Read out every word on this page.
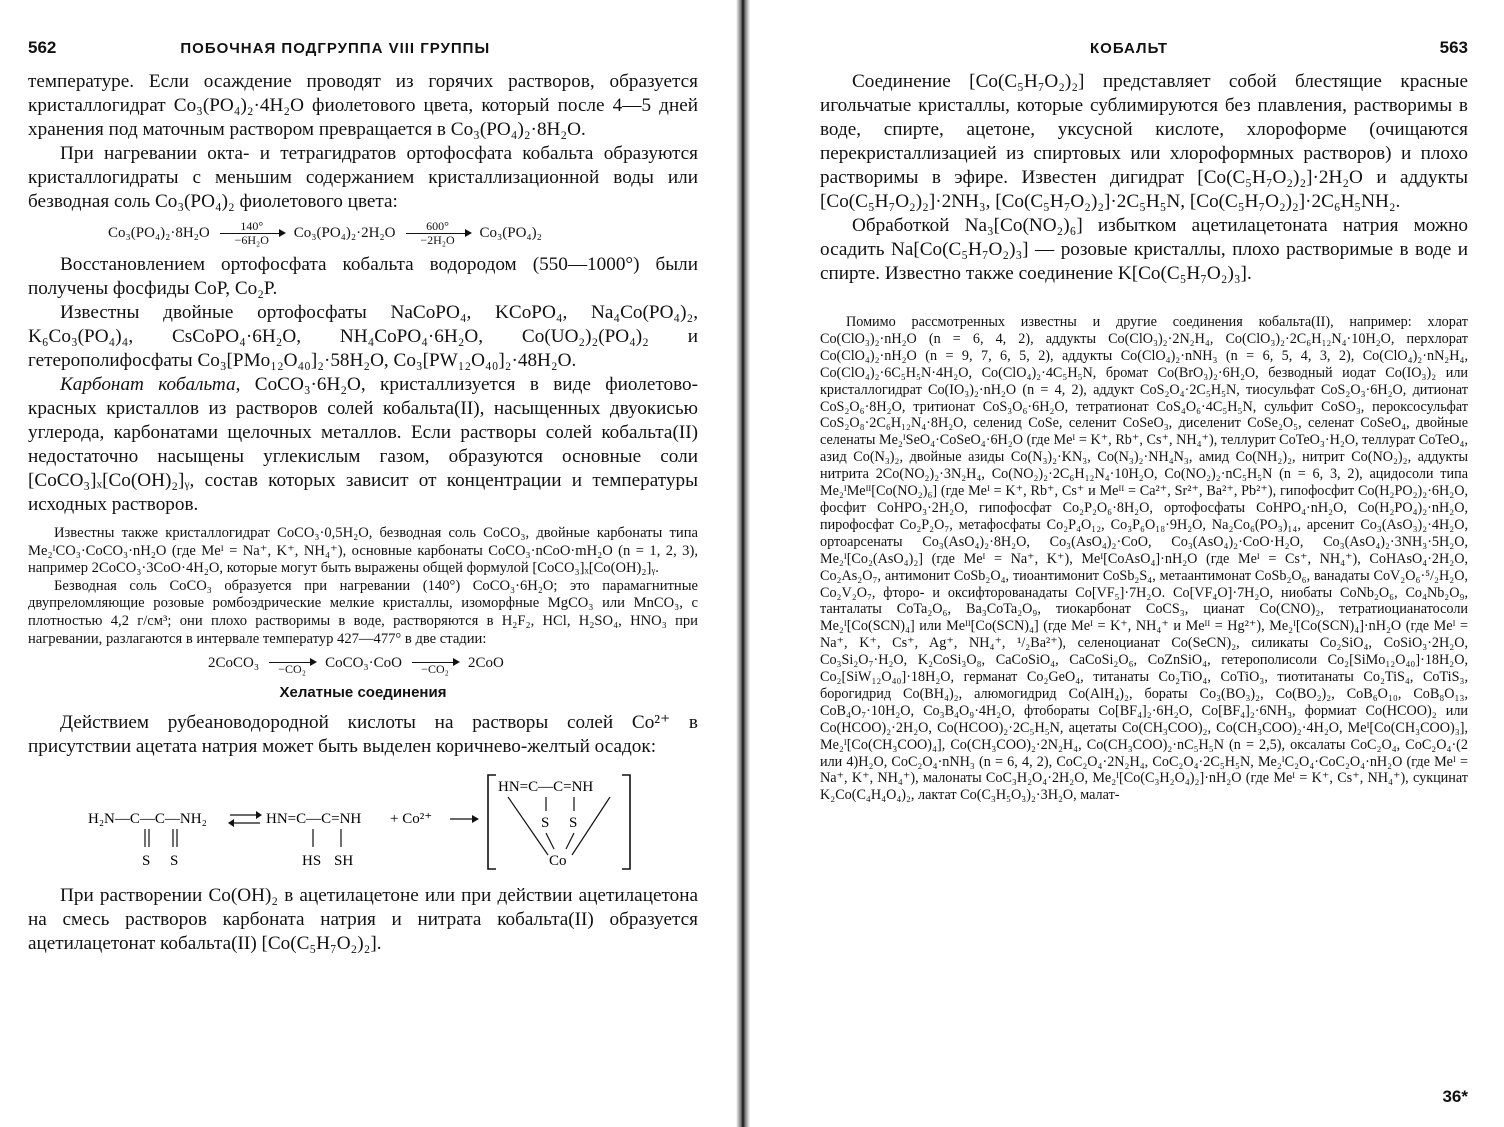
562	ПОБОЧНАЯ ПОДГРУППА VIII ГРУППЫ

температуре. Если осаждение проводят из горячих растворов, образуется кристаллогидрат Co₃(PO₄)₂·4H₂O фиолетового цвета, который после 4—5 дней хранения под маточным раствором превращается в Co₃(PO₄)₂·8H₂O.

При нагревании окта- и тетрагидратов ортофосфата кобальта образуются кристаллогидраты с меньшим содержанием кристаллизационной воды или безводная соль Co₃(PO₄)₂ фиолетового цвета:

Co₃(PO₄)₂·8H₂O	140°
−6H₂O Co₃(PO₄)₂·2H₂O	600°
−2H₂O Co₃(PO₄)₂

Восстановлением ортофосфата кобальта водородом (550—1000°) были получены фосфиды CoP, Co₂P.

Известны двойные ортофосфаты NaCoPO₄, KCoPO₄, Na₄Co(PO₄)₂, K₆Co₃(PO₄)₄, CsCoPO₄·6H₂O, NH₄CoPO₄·6H₂O, Co(UO₂)₂(PO₄)₂ и гетерополифосфаты Co₃[PMo₁₂O₄₀]₂·58H₂O, Co₃[PW₁₂O₄₀]₂·48H₂O.

Карбонат кобальта, CoCO₃·6H₂O, кристаллизуется в виде фиолетово-красных кристаллов из растворов солей кобальта(II), насыщенных двуокисью углерода, карбонатами щелочных металлов. Если растворы солей кобальта(II) недостаточно насыщены углекислым газом, образуются основные соли [CoCO₃]ₓ[Co(OH)₂]ᵧ, состав которых зависит от концентрации и температуры исходных растворов.

Известны также кристаллогидрат CoCO₃·0,5H₂O, безводная соль CoCO₃, двойные карбонаты типа Me₂ᴵCO₃·CoCO₃·nH₂O (где Meᴵ = Na⁺, K⁺, NH₄⁺), основные карбонаты CoCO₃·nCoO·mH₂O (n = 1, 2, 3), например 2CoCO₃·3CoO·4H₂O, которые могут быть выражены общей формулой [CoCO₃]ₓ[Co(OH)₂]ᵧ.

Безводная соль CoCO₃ образуется при нагревании (140°) CoCO₃·6H₂O; это парамагнитные двупреломляющие розовые ромбоэдрические мелкие кристаллы, изоморфные MgCO₃ или MnCO₃, с плотностью 4,2 г/см³; они плохо растворимы в воде, растворяются в H₂F₂, HCl, H₂SO₄, HNO₃ при нагревании, разлагаются в интервале температур 427—477° в две стадии:

2CoCO₃ −CO₂ CoCO₃·CoO −CO₂ 2CoO
Хелатные соединения

Действием рубеановодородной кислоты на растворы солей Co²⁺ в присутствии ацетата натрия может быть выделен коричнево-желтый осадок:

H₂N—C—C—NH₂
S S
HN=C—C=NH
HS SH
+ Co²⁺
HN=C—C=NH
S S
Co

При растворении Co(OH)₂ в ацетилацетоне или при действии ацетилацетона на смесь растворов карбоната натрия и нитрата кобальта(II) образуется ацетилацетонат кобальта(II) [Co(C₅H₇O₂)₂].

КОБАЛЬТ	563

Соединение [Co(C₅H₇O₂)₂] представляет собой блестящие красные игольчатые кристаллы, которые сублимируются без плавления, растворимы в воде, спирте, ацетоне, уксусной кислоте, хлороформе (очищаются перекристаллизацией из спиртовых или хлороформных растворов) и плохо растворимы в эфире. Известен дигидрат [Co(C₅H₇O₂)₂]·2H₂O и аддукты [Co(C₅H₇O₂)₂]·2NH₃, [Co(C₅H₇O₂)₂]·2C₅H₅N, [Co(C₅H₇O₂)₂]·2C₆H₅NH₂.

Обработкой Na₃[Co(NO₂)₆] избытком ацетилацетоната натрия можно осадить Na[Co(C₅H₇O₂)₃] — розовые кристаллы, плохо растворимые в воде и спирте. Известно также соединение K[Co(C₅H₇O₂)₃].

Помимо рассмотренных известны и другие соединения кобальта(II), например: хлорат Co(ClO₃)₂·nH₂O (n = 6, 4, 2), аддукты Co(ClO₃)₂·2N₂H₄, Co(ClO₃)₂·2C₆H₁₂N₄·10H₂O, перхлорат Co(ClO₄)₂·nH₂O (n = 9, 7, 6, 5, 2), аддукты Co(ClO₄)₂·nNH₃ (n = 6, 5, 4, 3, 2), Co(ClO₄)₂·nN₂H₄, Co(ClO₄)₂·6C₅H₅N·4H₂O, Co(ClO₄)₂·4C₅H₅N, бромат Co(BrO₃)₂·6H₂O, безводный иодат Co(IO₃)₂ или кристаллогидрат Co(IO₃)₂·nH₂O (n = 4, 2), аддукт CoS₂O₄·2C₅H₅N, тиосульфат CoS₂O₃·6H₂O, дитионат CoS₂O₆·8H₂O, тритионат CoS₃O₆·6H₂O, тетратионат CoS₄O₆·4C₅H₅N, сульфит CoSO₃, пероксосульфат CoS₂O₈·2C₆H₁₂N₄·8H₂O, селенид CoSe, селенит CoSeO₃, диселенит CoSe₂O₅, селенат CoSeO₄, двойные селенаты Me₂ᴵSeO₄·CoSeO₄·6H₂O (где Meᴵ = K⁺, Rb⁺, Cs⁺, NH₄⁺), теллурит CoTeO₃·H₂O, теллурат CoTeO₄, азид Co(N₃)₂, двойные азиды Co(N₃)₂·KN₃, Co(N₃)₂·NH₄N₃, амид Co(NH₂)₂, нитрит Co(NO₂)₂, аддукты нитрита 2Co(NO₂)₂·3N₂H₄, Co(NO₂)₂·2C₆H₁₂N₄·10H₂O, Co(NO₂)₂·nC₅H₅N (n = 6, 3, 2), ацидосоли типа Me₂ᴵMeᴵᴵ[Co(NO₂)₆] (где Meᴵ = K⁺, Rb⁺, Cs⁺ и Meᴵᴵ = Ca²⁺, Sr²⁺, Ba²⁺, Pb²⁺), гипофосфит Co(H₂PO₂)₂·6H₂O, фосфит CoHPO₃·2H₂O, гипофосфат Co₂P₂O₆·8H₂O, ортофосфаты CoHPO₄·nH₂O, Co(H₂PO₄)₂·nH₂O, пирофосфат Co₂P₂O₇, метафосфаты Co₂P₄O₁₂, Co₃P₆O₁₈·9H₂O, Na₂Co₆(PO₃)₁₄, арсенит Co₃(AsO₃)₂·4H₂O, ортоарсенаты Co₃(AsO₄)₂·8H₂O, Co₃(AsO₄)₂·CoO, Co₃(AsO₄)₂·CoO·H₂O, Co₃(AsO₄)₂·3NH₃·5H₂O, Me₂ᴵ[Co₂(AsO₄)₂] (где Meᴵ = Na⁺, K⁺), Meᴵ[CoAsO₄]·nH₂O (где Meᴵ = Cs⁺, NH₄⁺), CoHAsO₄·2H₂O, Co₂As₂O₇, антимонит CoSb₂O₄, тиоантимонит CoSb₂S₄, метаантимонат CoSb₂O₆, ванадаты CoV₂O₆·⁵/₂H₂O, Co₂V₂O₇, фторо- и оксифторованадаты Co[VF₅]·7H₂O. Co[VF₄O]·7H₂O, ниобаты CoNb₂O₆, Co₄Nb₂O₉, танталаты CoTa₂O₆, Ba₃CoTa₂O₉, тиокарбонат CoCS₃, цианат Co(CNO)₂, тетратиоцианатосоли Me₂ᴵ[Co(SCN)₄] или Meᴵᴵ[Co(SCN)₄] (где Meᴵ = K⁺, NH₄⁺ и Meᴵᴵ = Hg²⁺), Me₂ᴵ[Co(SCN)₄]·nH₂O (где Meᴵ = Na⁺, K⁺, Cs⁺, Ag⁺, NH₄⁺, ¹/₂Ba²⁺), селеноцианат Co(SeCN)₂, силикаты Co₂SiO₄, CoSiO₃·2H₂O, Co₃Si₂O₇·H₂O, K₂CoSi₃O₈, CaCoSiO₄, CaCoSi₂O₆, CoZnSiO₄, гетерополисоли Co₂[SiMo₁₂O₄₀]·18H₂O, Co₂[SiW₁₂O₄₀]·18H₂O, германат Co₂GeO₄, титанаты Co₂TiO₄, CoTiO₃, тиотитанаты Co₂TiS₄, CoTiS₃, борогидрид Co(BH₄)₂, алюмогидрид Co(AlH₄)₂, бораты Co₃(BO₃)₂, Co(BO₂)₂, CoB₆O₁₀, CoB₈O₁₃, CoB₄O₇·10H₂O, Co₃B₄O₉·4H₂O, фтобораты Co[BF₄]₂·6H₂O, Co[BF₄]₂·6NH₃, формиат Co(HCOO)₂ или Co(HCOO)₂·2H₂O, Co(HCOO)₂·2C₅H₅N, ацетаты Co(CH₃COO)₂, Co(CH₃COO)₂·4H₂O, Meᴵ[Co(CH₃COO)₃], Me₂ᴵ[Co(CH₃COO)₄], Co(CH₃COO)₂·2N₂H₄, Co(CH₃COO)₂·nC₅H₅N (n = 2,5), оксалаты CoC₂O₄, CoC₂O₄·(2 или 4)H₂O, CoC₂O₄·nNH₃ (n = 6, 4, 2), CoC₂O₄·2N₂H₄, CoC₂O₄·2C₅H₅N, Me₂ᴵC₂O₄·CoC₂O₄·nH₂O (где Meᴵ = Na⁺, K⁺, NH₄⁺), малонаты CoC₃H₂O₄·2H₂O, Me₂ᴵ[Co(C₃H₂O₄)₂]·nH₂O (где Meᴵ = K⁺, Cs⁺, NH₄⁺), сукцинат K₂Co(C₄H₄O₄)₂, лактат Co(C₃H₅O₃)₂·3H₂O, малат-

36*
